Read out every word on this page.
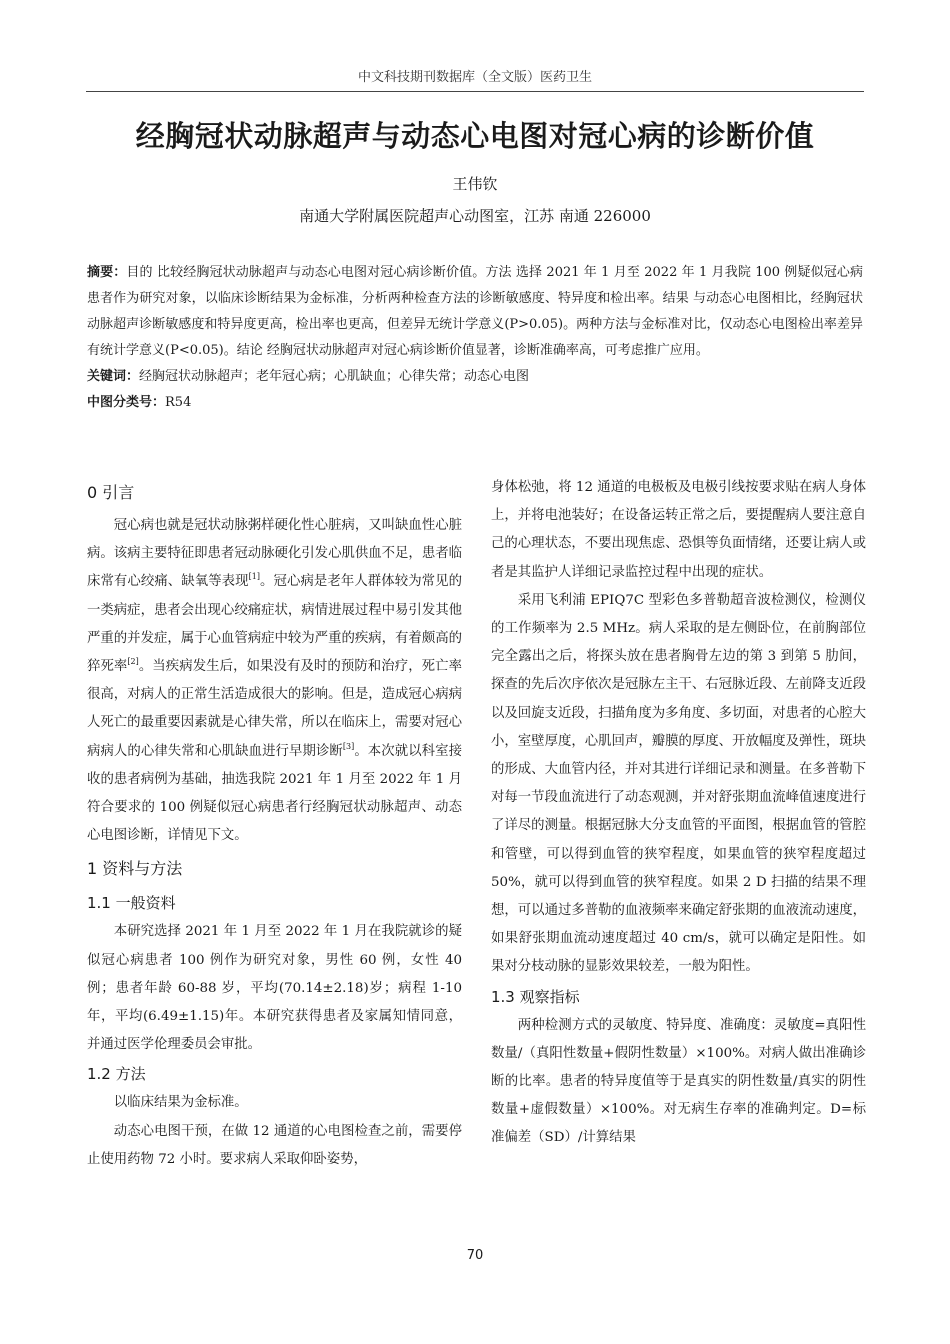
中文科技期刊数据库（全文版）医药卫生
经胸冠状动脉超声与动态心电图对冠心病的诊断价值
王伟钦
南通大学附属医院超声心动图室，江苏 南通 226000

摘要：目的 比较经胸冠状动脉超声与动态心电图对冠心病诊断价值。方法 选择 2021 年 1 月至 2022 年 1 月我院 100 例疑似冠心病患者作为研究对象，以临床诊断结果为金标准，分析两种检查方法的诊断敏感度、特异度和检出率。结果 与动态心电图相比，经胸冠状动脉超声诊断敏感度和特异度更高，检出率也更高，但差异无统计学意义(P>0.05)。两种方法与金标准对比，仅动态心电图检出率差异有统计学意义(P<0.05)。结论 经胸冠状动脉超声对冠心病诊断价值显著，诊断准确率高，可考虑推广应用。

关键词：经胸冠状动脉超声；老年冠心病；心肌缺血；心律失常；动态心电图

中图分类号：R54

0 引言

冠心病也就是冠状动脉粥样硬化性心脏病，又叫缺血性心脏病。该病主要特征即患者冠动脉硬化引发心肌供血不足，患者临床常有心绞痛、缺氧等表现[1]。冠心病是老年人群体较为常见的一类病症，患者会出现心绞痛症状，病情进展过程中易引发其他严重的并发症，属于心血管病症中较为严重的疾病，有着颇高的猝死率[2]。当疾病发生后，如果没有及时的预防和治疗，死亡率很高，对病人的正常生活造成很大的影响。但是，造成冠心病病人死亡的最重要因素就是心律失常，所以在临床上，需要对冠心病病人的心律失常和心肌缺血进行早期诊断[3]。本次就以科室接收的患者病例为基础，抽选我院 2021 年 1 月至 2022 年 1 月符合要求的 100 例疑似冠心病患者行经胸冠状动脉超声、动态心电图诊断，详情见下文。

1 资料与方法

1.1 一般资料

本研究选择 2021 年 1 月至 2022 年 1 月在我院就诊的疑似冠心病患者 100 例作为研究对象，男性 60 例，女性 40 例；患者年龄 60-88 岁，平均(70.14±2.18)岁；病程 1-10 年，平均(6.49±1.15)年。本研究获得患者及家属知情同意，并通过医学伦理委员会审批。

1.2 方法

以临床结果为金标准。

动态心电图干预，在做 12 通道的心电图检查之前，需要停止使用药物 72 小时。要求病人采取仰卧姿势，

身体松弛，将 12 通道的电极板及电极引线按要求贴在病人身体上，并将电池装好；在设备运转正常之后，要提醒病人要注意自己的心理状态，不要出现焦虑、恐惧等负面情绪，还要让病人或者是其监护人详细记录监控过程中出现的症状。

采用飞利浦 EPIQ7C 型彩色多普勒超音波检测仪，检测仪的工作频率为 2.5 MHz。病人采取的是左侧卧位，在前胸部位完全露出之后，将探头放在患者胸骨左边的第 3 到第 5 肋间，探查的先后次序依次是冠脉左主干、右冠脉近段、左前降支近段以及回旋支近段，扫描角度为多角度、多切面，对患者的心腔大小，室壁厚度，心肌回声，瓣膜的厚度、开放幅度及弹性，斑块的形成、大血管内径，并对其进行详细记录和测量。在多普勒下对每一节段血流进行了动态观测，并对舒张期血流峰值速度进行了详尽的测量。根据冠脉大分支血管的平面图，根据血管的管腔和管壁，可以得到血管的狭窄程度，如果血管的狭窄程度超过 50%，就可以得到血管的狭窄程度。如果 2 D 扫描的结果不理想，可以通过多普勒的血液频率来确定舒张期的血液流动速度，如果舒张期血流动速度超过 40 cm/s，就可以确定是阳性。如果对分枝动脉的显影效果较差，一般为阳性。

1.3 观察指标

两种检测方式的灵敏度、特异度、准确度：灵敏度=真阳性数量/（真阳性数量+假阴性数量）×100%。对病人做出准确诊断的比率。患者的特异度值等于是真实的阴性数量/真实的阴性数量+虚假数量）×100%。对无病生存率的准确判定。D=标准偏差（SD）/计算结果

70
